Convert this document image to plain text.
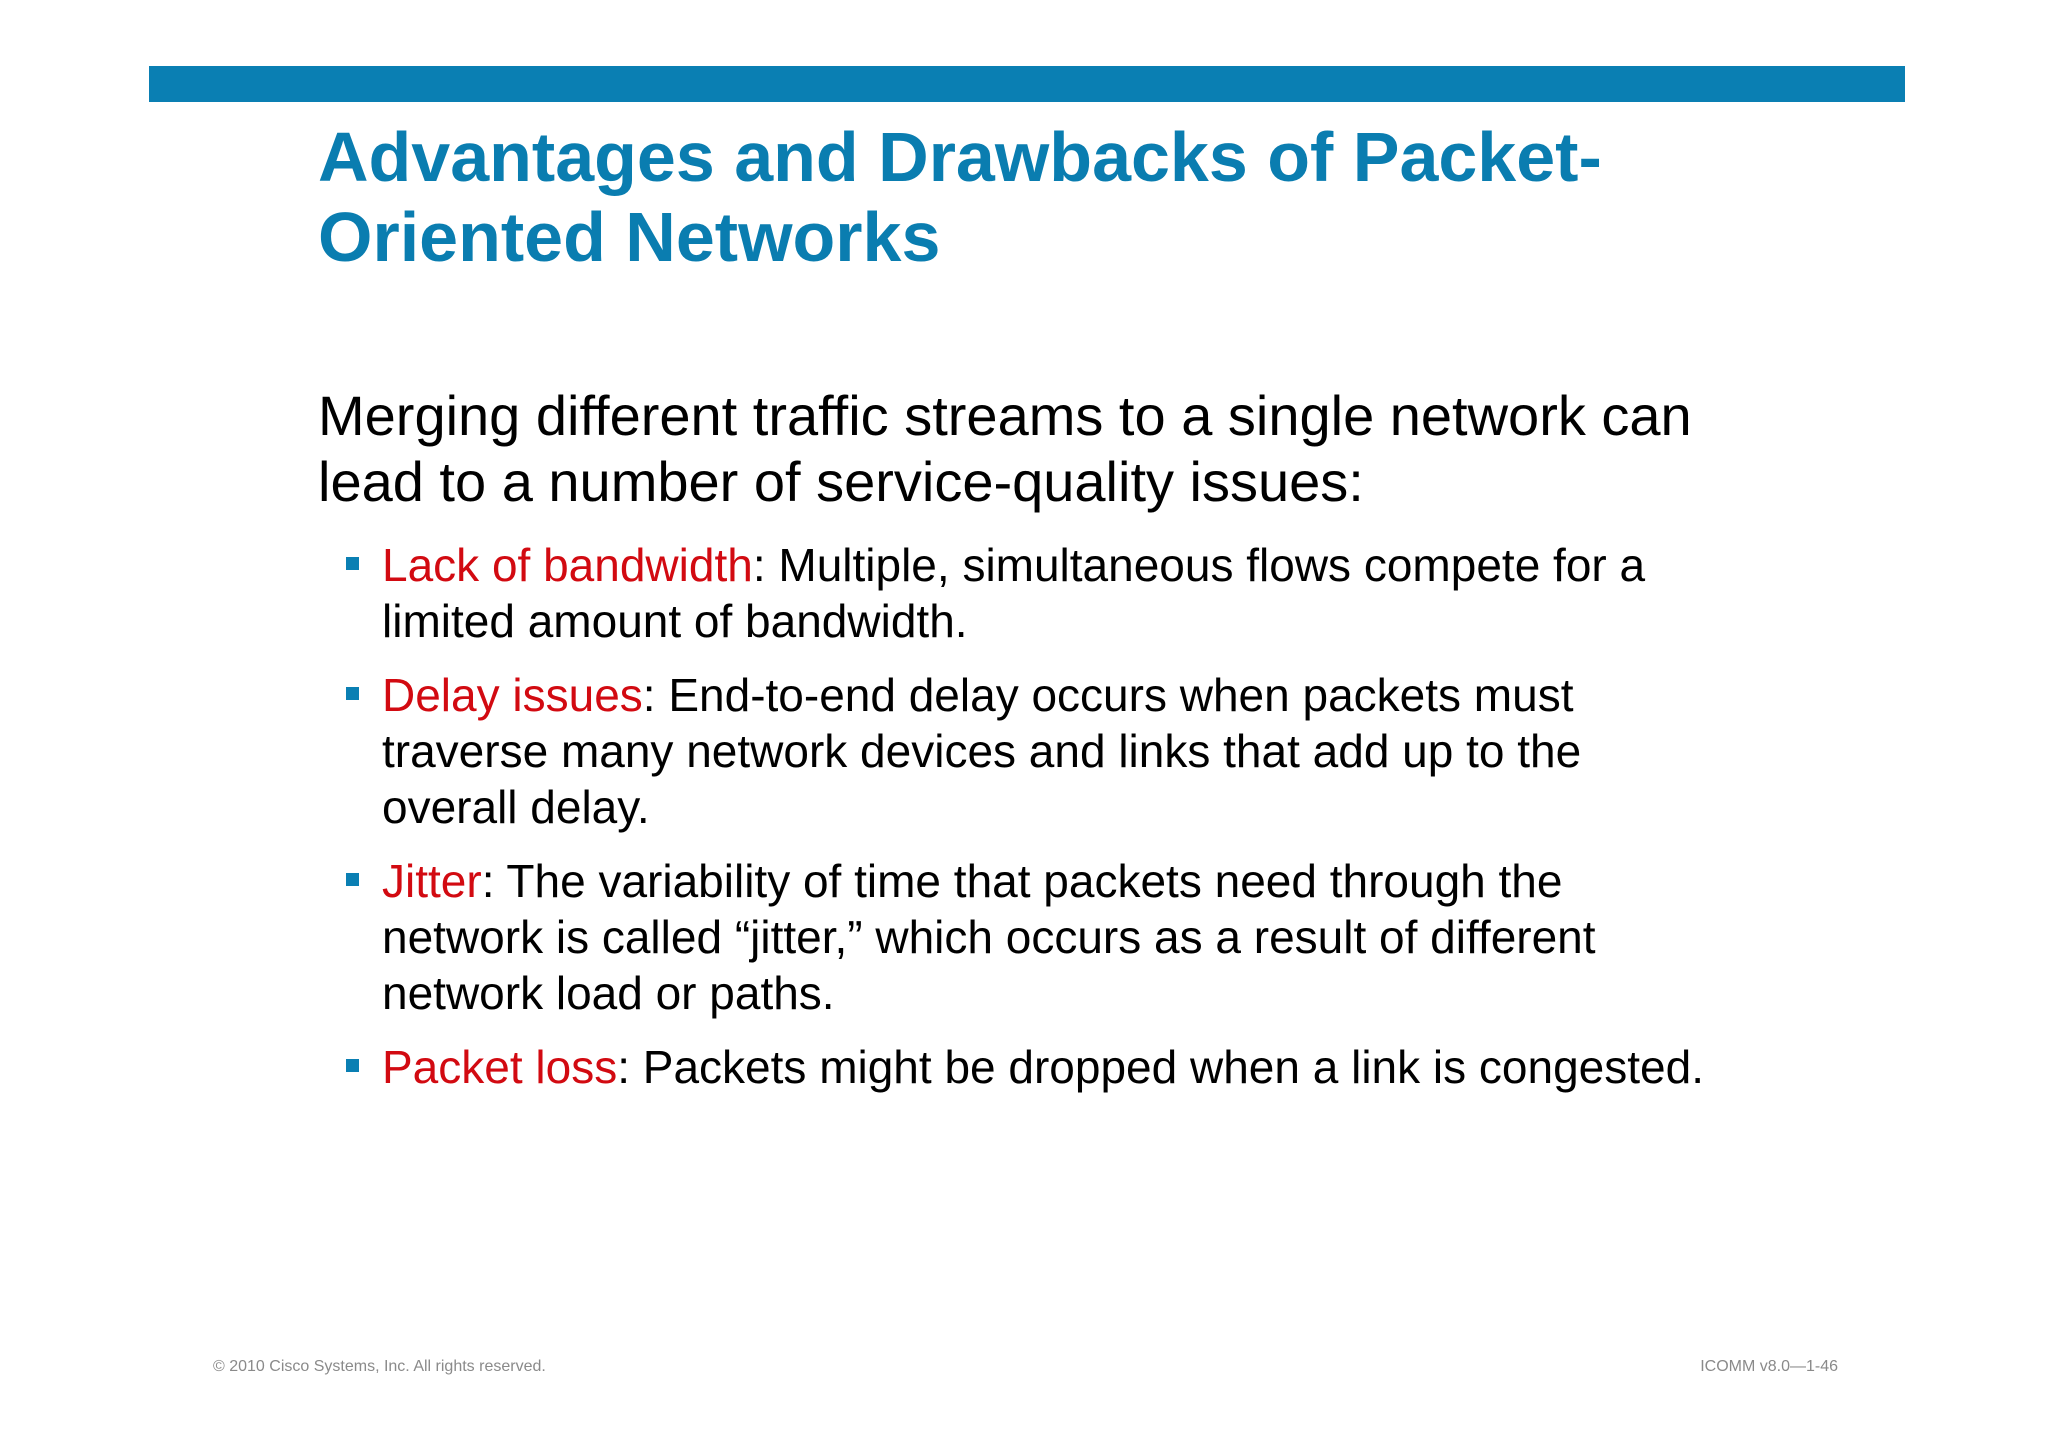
Advantages and Drawbacks of Packet-
Oriented Networks

Merging different traffic streams to a single network can
lead to a number of service-quality issues:

Lack of bandwidth: Multiple, simultaneous flows compete for a
limited amount of bandwidth.
Delay issues: End-to-end delay occurs when packets must
traverse many network devices and links that add up to the
overall delay.
Jitter: The variability of time that packets need through the
network is called “jitter,” which occurs as a result of different
network load or paths.
Packet loss: Packets might be dropped when a link is congested.
© 2010 Cisco Systems, Inc. All rights reserved.	ICOMM v8.0—1-46
